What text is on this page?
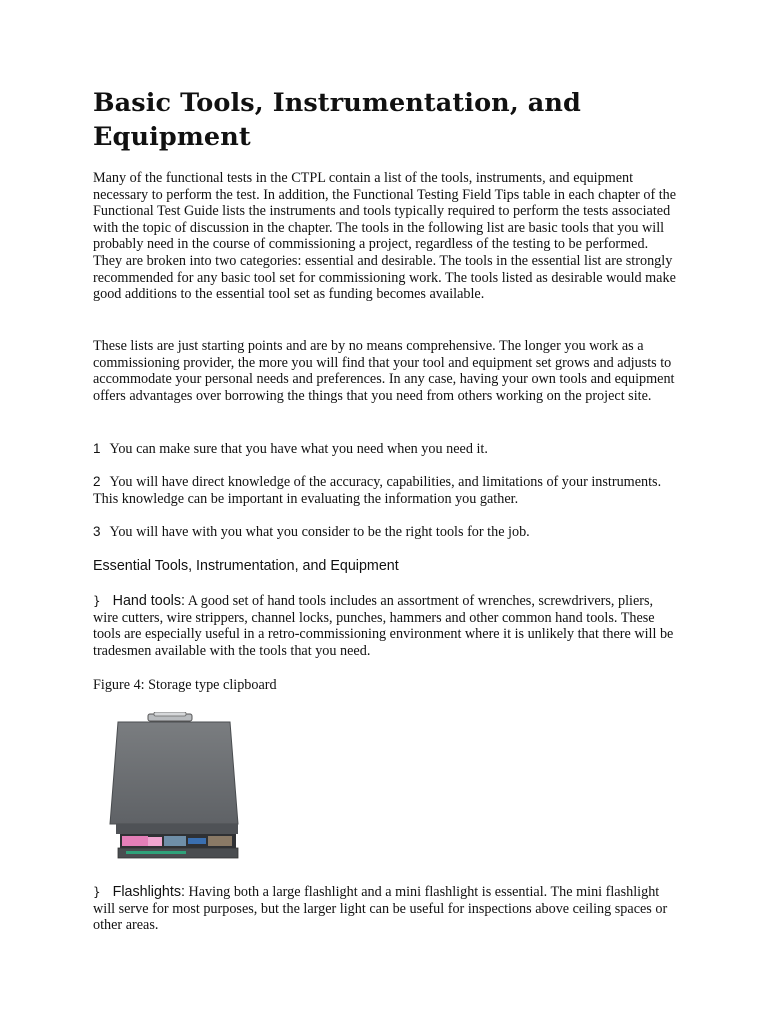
Basic Tools, Instrumentation, and Equipment

Many of the functional tests in the CTPL contain a list of the tools, instruments, and equipment necessary to perform the test. In addition, the Functional Testing Field Tips table in each chapter of the Functional Test Guide lists the instruments and tools typically required to perform the tests associated with the topic of discussion in the chapter. The tools in the following list are basic tools that you will probably need in the course of commissioning a project, regardless of the testing to be performed. They are broken into two categories: essential and desirable. The tools in the essential list are strongly recommended for any basic tool set for commissioning work. The tools listed as desirable would make good additions to the essential tool set as funding becomes available.

These lists are just starting points and are by no means comprehensive. The longer you work as a commissioning provider, the more you will find that your tool and equipment set grows and adjusts to accommodate your personal needs and preferences. In any case, having your own tools and equipment offers advantages over borrowing the things that you need from others working on the project site.

1 You can make sure that you have what you need when you need it.

2 You will have direct knowledge of the accuracy, capabilities, and limitations of your instruments. This knowledge can be important in evaluating the information you gather.

3 You will have with you what you consider to be the right tools for the job.

Essential Tools, Instrumentation, and Equipment

} Hand tools: A good set of hand tools includes an assortment of wrenches, screwdrivers, pliers, wire cutters, wire strippers, channel locks, punches, hammers and other common hand tools. These tools are especially useful in a retro-commissioning environment where it is unlikely that there will be tradesmen available with the tools that you need.

Figure 4: Storage type clipboard

} Flashlights: Having both a large flashlight and a mini flashlight is essential. The mini flashlight will serve for most purposes, but the larger light can be useful for inspections above ceiling spaces or other areas.
